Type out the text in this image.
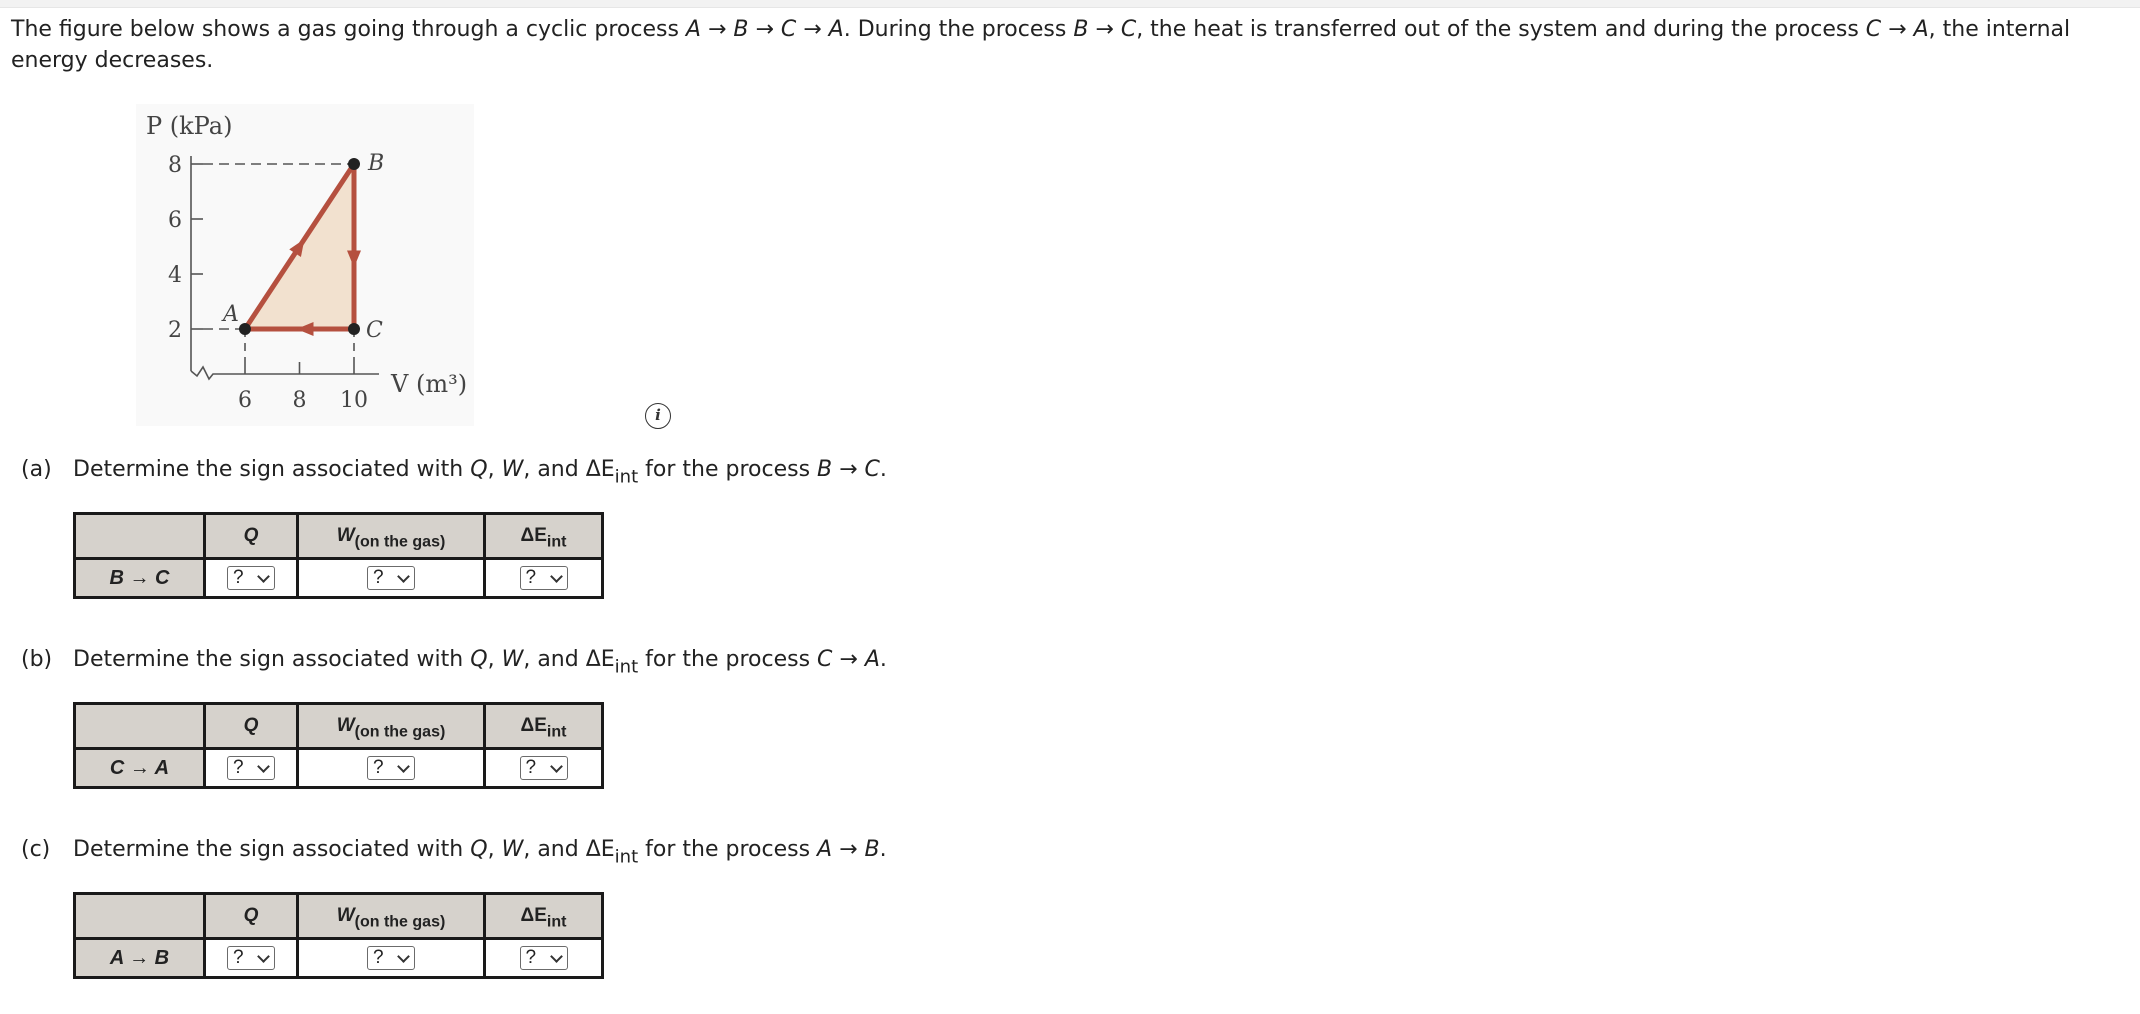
The figure below shows a gas going through a cyclic process A → B → C → A. During the process B → C, the heat is transferred out of the system and during the process C → A, the internal energy decreases.
P (kPa)
V (m³)
8
6
4
2
6 8 10
A
B
C
i
(a) Determine the sign associated with Q, W, and $\Delta E_{int}$ for the process B → C.
	Q	$W_{(on the gas)}$	$\Delta E_{int}$
B → C	?	?	?
(b) Determine the sign associated with Q, W, and $\Delta E_{int}$ for the process C → A.
	Q	$W_{(on the gas)}$	$\Delta E_{int}$
C → A	?	?	?
(c) Determine the sign associated with Q, W, and $\Delta E_{int}$ for the process A → B.
	Q	$W_{(on the gas)}$	$\Delta E_{int}$
A → B	?	?	?
